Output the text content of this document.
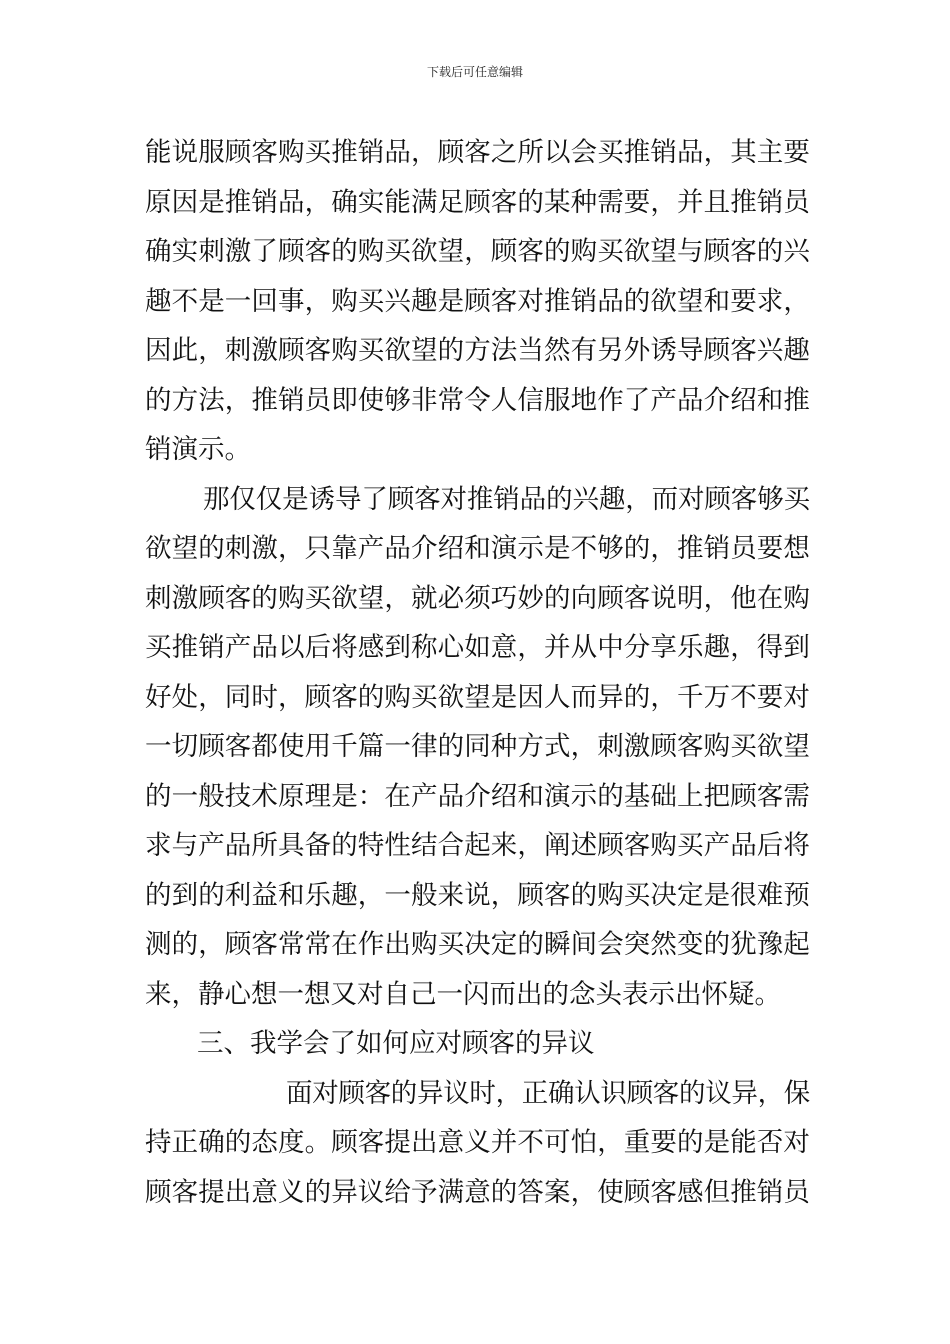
下载后可任意编辑
能说服顾客购买推销品，顾客之所以会买推销品，其主要
原因是推销品，确实能满足顾客的某种需要，并且推销员
确实刺激了顾客的购买欲望，顾客的购买欲望与顾客的兴
趣不是一回事，购买兴趣是顾客对推销品的欲望和要求，
因此，刺激顾客购买欲望的方法当然有另外诱导顾客兴趣
的方法，推销员即使够非常令人信服地作了产品介绍和推
销演示。
那仅仅是诱导了顾客对推销品的兴趣，而对顾客够买
欲望的刺激，只靠产品介绍和演示是不够的，推销员要想
刺激顾客的购买欲望，就必须巧妙的向顾客说明，他在购
买推销产品以后将感到称心如意，并从中分享乐趣，得到
好处，同时，顾客的购买欲望是因人而异的，千万不要对
一切顾客都使用千篇一律的同种方式，刺激顾客购买欲望
的一般技术原理是：在产品介绍和演示的基础上把顾客需
求与产品所具备的特性结合起来，阐述顾客购买产品后将
的到的利益和乐趣，一般来说，顾客的购买决定是很难预
测的，顾客常常在作出购买决定的瞬间会突然变的犹豫起
来，静心想一想又对自己一闪而出的念头表示出怀疑。
三、我学会了如何应对顾客的异议
面对顾客的异议时，正确认识顾客的议异，保
持正确的态度。顾客提出意义并不可怕，重要的是能否对
顾客提出意义的异议给予满意的答案，使顾客感但推销员
